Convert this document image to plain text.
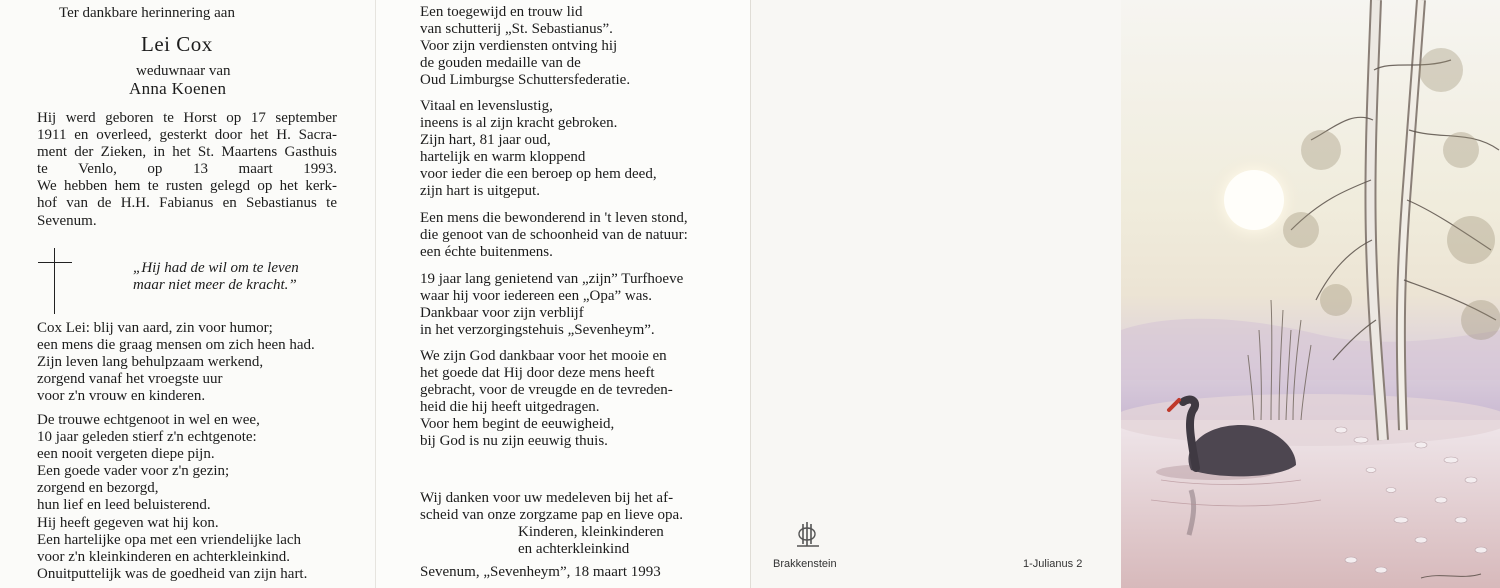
Ter dankbare herinnering aan
Lei Cox
weduwnaar van
Anna Koenen
Hij werd geboren te Horst op 17 september
1911 en overleed, gesterkt door het H. Sacra-
ment der Zieken, in het St. Maartens Gasthuis
te Venlo, op 13 maart 1993.
We hebben hem te rusten gelegd op het kerk-
hof van de H.H. Fabianus en Sebastianus te
Sevenum.
„Hij had de wil om te leven
maar niet meer de kracht.”
Cox Lei: blij van aard, zin voor humor;
een mens die graag mensen om zich heen had.
Zijn leven lang behulpzaam werkend,
zorgend vanaf het vroegste uur
voor z'n vrouw en kinderen.
De trouwe echtgenoot in wel en wee,
10 jaar geleden stierf z'n echtgenote:
een nooit vergeten diepe pijn.
Een goede vader voor z'n gezin;
zorgend en bezorgd,
hun lief en leed beluisterend.
Hij heeft gegeven wat hij kon.
Een hartelijke opa met een vriendelijke lach
voor z'n kleinkinderen en achterkleinkind.
Onuitputtelijk was de goedheid van zijn hart.
Een toegewijd en trouw lid
van schutterij „St. Sebastianus”.
Voor zijn verdiensten ontving hij
de gouden medaille van de
Oud Limburgse Schuttersfederatie.
Vitaal en levenslustig,
ineens is al zijn kracht gebroken.
Zijn hart, 81 jaar oud,
hartelijk en warm kloppend
voor ieder die een beroep op hem deed,
zijn hart is uitgeput.
Een mens die bewonderend in 't leven stond,
die genoot van de schoonheid van de natuur:
een échte buitenmens.
19 jaar lang genietend van „zijn” Turfhoeve
waar hij voor iedereen een „Opa” was.
Dankbaar voor zijn verblijf
in het verzorgingstehuis „Sevenheym”.
We zijn God dankbaar voor het mooie en
het goede dat Hij door deze mens heeft
gebracht, voor de vreugde en de tevreden-
heid die hij heeft uitgedragen.
Voor hem begint de eeuwigheid,
bij God is nu zijn eeuwig thuis.
Wij danken voor uw medeleven bij het af-
scheid van onze zorgzame pap en lieve opa.
Kinderen, kleinkinderen
en achterkleinkind
Sevenum, „Sevenheym”, 18 maart 1993	Brakkenstein	1-Julianus 2
